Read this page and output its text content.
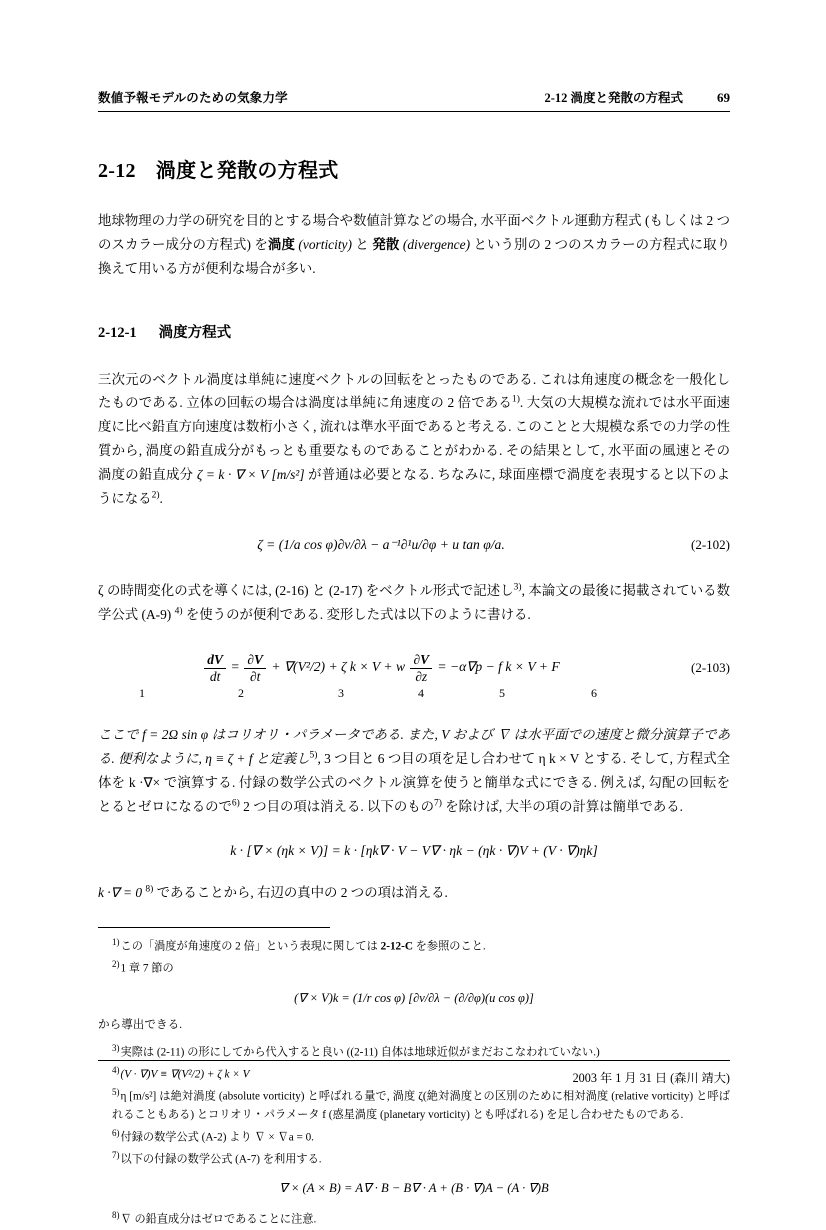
数値予報モデルのための気象力学	2-12 渦度と発散の方程式	69
2-12 渦度と発散の方程式

地球物理の力学の研究を目的とする場合や数値計算などの場合, 水平面ベクトル運動方程式 (もしくは 2 つのスカラー成分の方程式) を渦度 (vorticity) と 発散 (divergence) という別の 2 つのスカラーの方程式に取り換えて用いる方が便利な場合が多い.

2-12-1 渦度方程式

三次元のベクトル渦度は単純に速度ベクトルの回転をとったものである. これは角速度の概念を一般化したものである. 立体の回転の場合は渦度は単純に角速度の 2 倍である$^{1)}$. 大気の大規模な流れでは水平面速度に比べ鉛直方向速度は数桁小さく, 流れは準水平面であると考える. このことと大規模な系での力学の性質から, 渦度の鉛直成分がもっとも重要なものであることがわかる. その結果として, 水平面の風速とその渦度の鉛直成分 ζ = k · ∇ × V [m/s²] が普通は必要となる. ちなみに, 球面座標で渦度を表現すると以下のようになる$^{2)}$.

ζ = (1/a cos φ)∂v/∂λ − a⁻¹∂¹u/∂φ + u tan φ/a.	(2-102)

ζ の時間変化の式を導くには, (2-16) と (2-17) をベクトル形式で記述し$^{3)}$, 本論文の最後に掲載されている数学公式 (A-9) $^{4)}$ を使うのが便利である. 変形した式は以下のように書ける.

$\frac{dV}{dt} = \frac{\partial V}{\partial t} + \nabla(V^2/2) + \zeta$ k × V + w $\frac{\partial V}{\partial z} = -\alpha\nabla p - f$ k × V + F	(2-103)
1	2	3	4	5	6

ここで f = 2Ω sin φ はコリオリ・パラメータである. また, V および ∇ は水平面での速度と微分演算子である. 便利なように, η ≡ ζ + f と定義し$^{5)}$, 3 つ目と 6 つ目の項を足し合わせて η k × V とする. そして, 方程式全体を k ·∇× で演算する. 付録の数学公式のベクトル演算を使うと簡単な式にできる. 例えば, 勾配の回転をとるとゼロになるので$^{6)}$ 2 つ目の項は消える. 以下のもの$^{7)}$ を除けば, 大半の項の計算は簡単である.

k · [∇ × (ηk × V)] = k · [ηk∇ · V − V∇ · ηk − (ηk · ∇)V + (V · ∇)ηk]

k ·∇ = 0 $^{8)}$ であることから, 右辺の真中の 2 つの項は消える.

$^{1)}$この「渦度が角速度の 2 倍」という表現に関しては 2-12-C を参照のこと.
$^{2)}$1 章 7 節の
(∇ × V)k = (1/r cos φ) [∂v/∂λ − (∂/∂φ)(u cos φ)]
から導出できる.
$^{3)}$実際は (2-11) の形にしてから代入すると良い ((2-11) 自体は地球近似がまだおこなわれていない.)
$^{4)}$(V · ∇)V ≡ ∇(V²/2) + ζ k × V
$^{5)}$η [m/s²] は絶対渦度 (absolute vorticity) と呼ばれる量で, 渦度 ζ(絶対渦度との区別のために相対渦度 (relative vorticity) と呼ばれることもある) とコリオリ・パラメータ f (惑星渦度 (planetary vorticity) とも呼ばれる) を足し合わせたものである.
$^{6)}$付録の数学公式 (A-2) より ∇ × ∇a = 0.
$^{7)}$以下の付録の数学公式 (A-7) を利用する.
∇ × (A × B) = A∇ · B − B∇ · A + (B · ∇)A − (A · ∇)B
$^{8)}$∇ の鉛直成分はゼロであることに注意.
2003 年 1 月 31 日 (森川 靖大)
